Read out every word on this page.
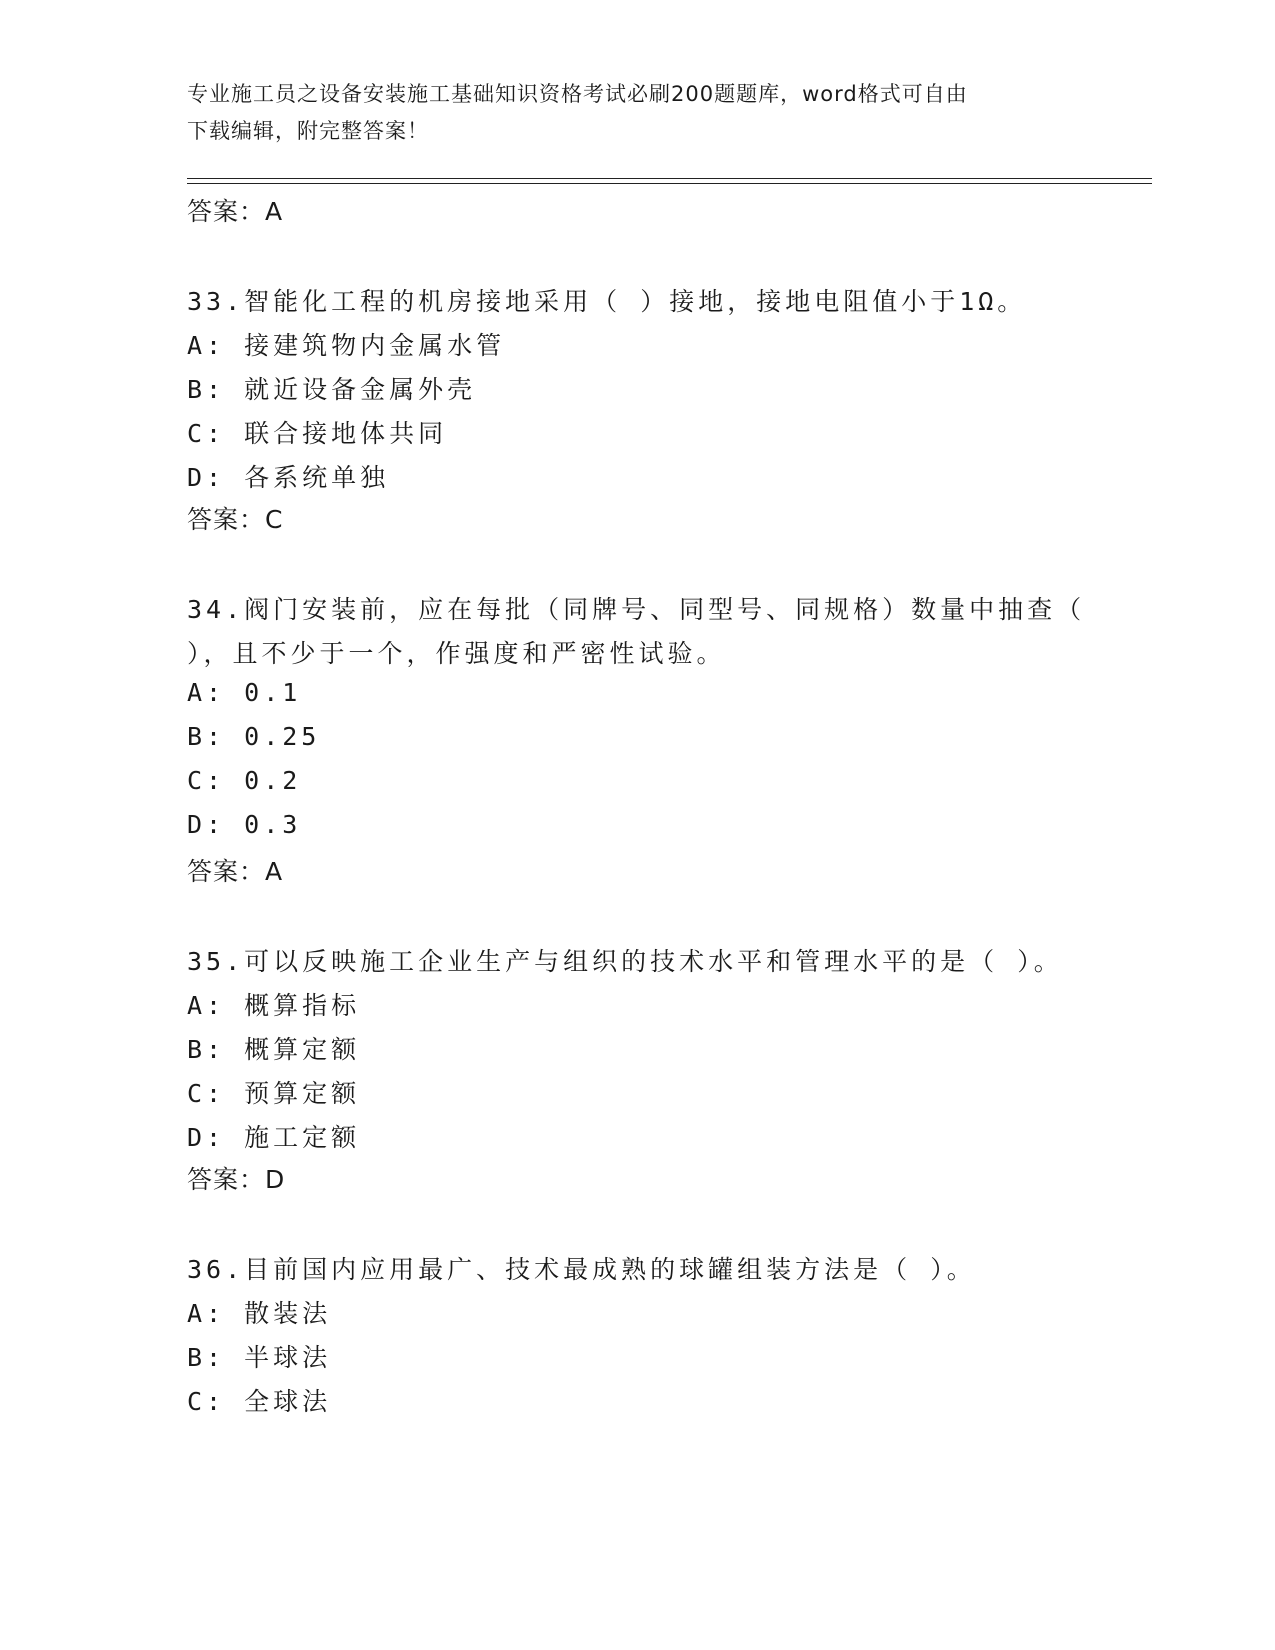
专业施工员之设备安装施工基础知识资格考试必刷200题题库，word格式可自由
下载编辑，附完整答案！
答案：A
33.智能化工程的机房接地采用（ ）接地，接地电阻值小于1Ω。
A: 接建筑物内金属水管
B: 就近设备金属外壳
C: 联合接地体共同
D: 各系统单独
答案：C
34.阀门安装前，应在每批（同牌号、同型号、同规格）数量中抽查（
），且不少于一个，作强度和严密性试验。
A: 0.1
B: 0.25
C: 0.2
D: 0.3
答案：A
35.可以反映施工企业生产与组织的技术水平和管理水平的是（ ）。
A: 概算指标
B: 概算定额
C: 预算定额
D: 施工定额
答案：D
36.目前国内应用最广、技术最成熟的球罐组装方法是（ ）。
A: 散装法
B: 半球法
C: 全球法
